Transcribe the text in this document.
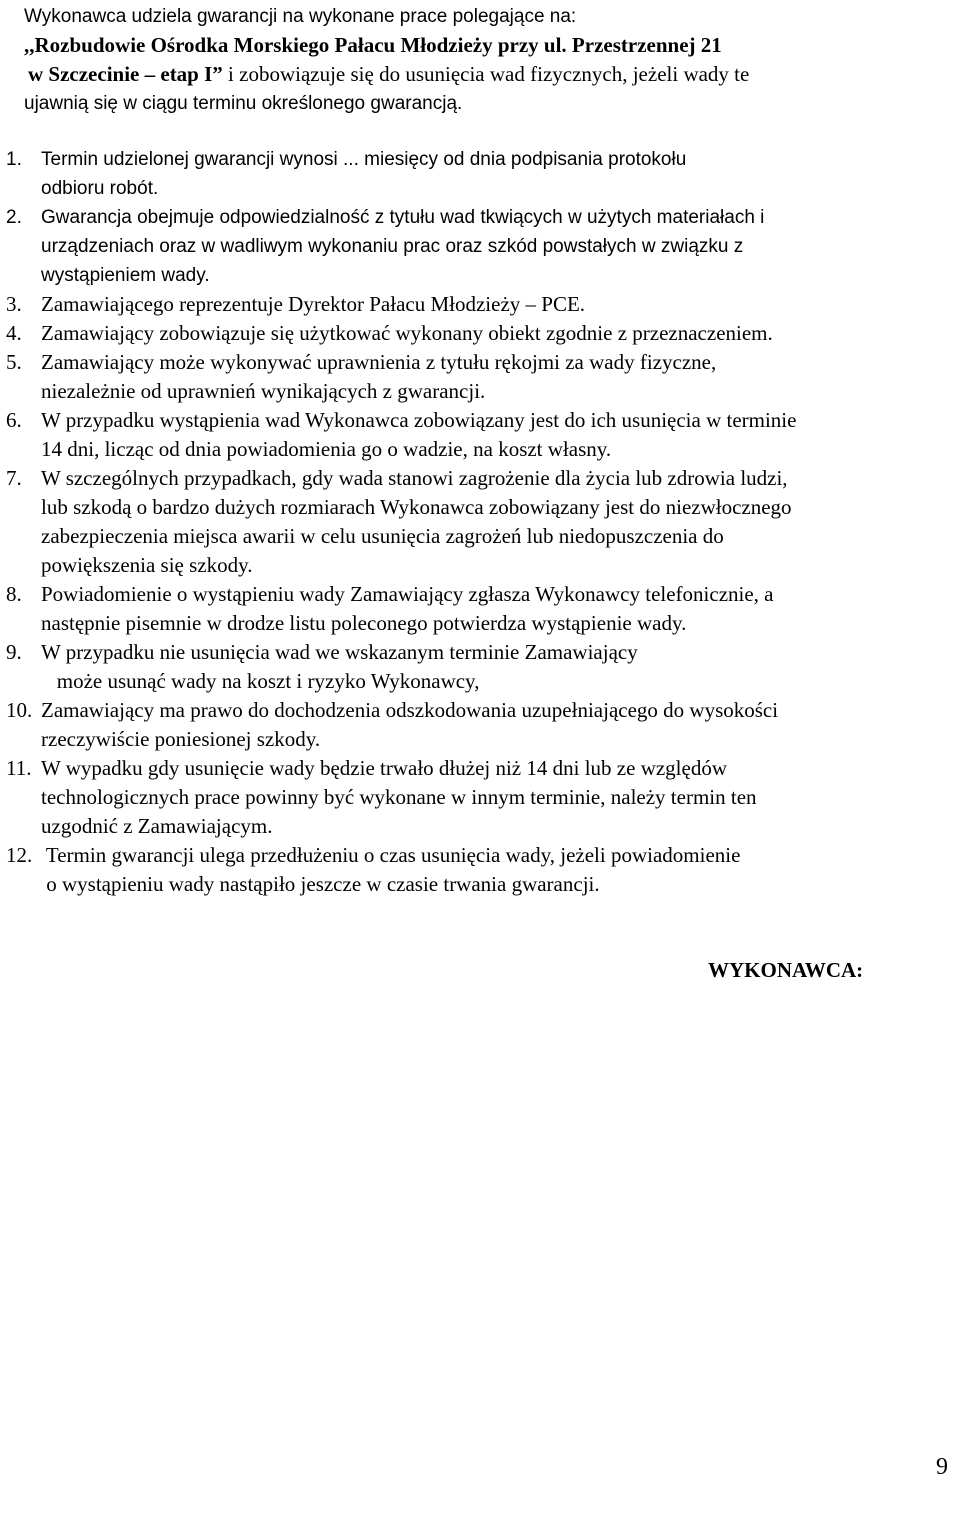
Wykonawca udziela gwarancji na wykonane prace polegające na:
,,Rozbudowie Ośrodka Morskiego Pałacu Młodzieży przy ul. Przestrzennej 21
w Szczecinie – etap I” i zobowiązuje się do usunięcia wad fizycznych, jeżeli wady te
ujawnią się w ciągu terminu określonego gwarancją.
1. Termin udzielonej gwarancji wynosi ... miesięcy od dnia podpisania protokołu
odbioru robót.
2. Gwarancja obejmuje odpowiedzialność z tytułu wad tkwiących w użytych materiałach i
urządzeniach oraz w wadliwym wykonaniu prac oraz szkód powstałych w związku z
wystąpieniem wady.
3. Zamawiającego reprezentuje Dyrektor Pałacu Młodzieży – PCE.
4. Zamawiający zobowiązuje się użytkować wykonany obiekt zgodnie z przeznaczeniem.
5. Zamawiający może wykonywać uprawnienia z tytułu rękojmi za wady fizyczne,
niezależnie od uprawnień wynikających z gwarancji.
6. W przypadku wystąpienia wad Wykonawca zobowiązany jest do ich usunięcia w terminie
14 dni, licząc od dnia powiadomienia go o wadzie, na koszt własny.
7. W szczególnych przypadkach, gdy wada stanowi zagrożenie dla życia lub zdrowia ludzi,
lub szkodą o bardzo dużych rozmiarach Wykonawca zobowiązany jest do niezwłocznego
zabezpieczenia miejsca awarii w celu usunięcia zagrożeń lub niedopuszczenia do
powiększenia się szkody.
8. Powiadomienie o wystąpieniu wady Zamawiający zgłasza Wykonawcy telefonicznie, a
następnie pisemnie w drodze listu poleconego potwierdza wystąpienie wady.
9. W przypadku nie usunięcia wad we wskazanym terminie Zamawiający
może usunąć wady na koszt i ryzyko Wykonawcy,
10. Zamawiający ma prawo do dochodzenia odszkodowania uzupełniającego do wysokości
rzeczywiście poniesionej szkody.
11. W wypadku gdy usunięcie wady będzie trwało dłużej niż 14 dni lub ze względów
technologicznych prace powinny być wykonane w innym terminie, należy termin ten
uzgodnić z Zamawiającym.
12. Termin gwarancji ulega przedłużeniu o czas usunięcia wady, jeżeli powiadomienie
o wystąpieniu wady nastąpiło jeszcze w czasie trwania gwarancji.
WYKONAWCA:
9
